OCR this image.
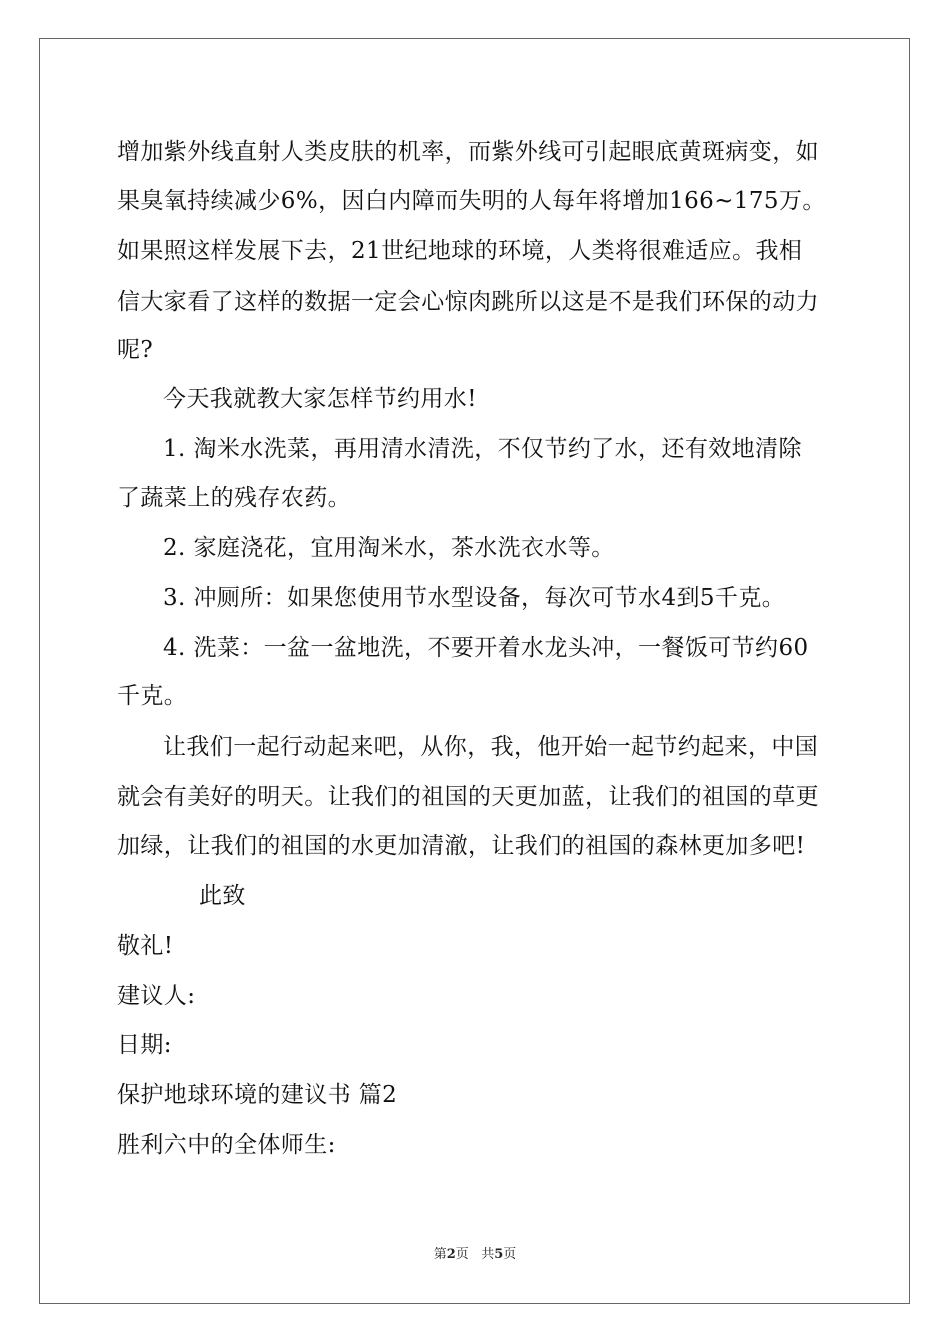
增加紫外线直射人类皮肤的机率，而紫外线可引起眼底黄斑病变，如
果臭氧持续减少6%，因白内障而失明的人每年将增加166~175万。
如果照这样发展下去，21世纪地球的环境，人类将很难适应。我相
信大家看了这样的数据一定会心惊肉跳所以这是不是我们环保的动力
呢?
今天我就教大家怎样节约用水!
1. 淘米水洗菜，再用清水清洗，不仅节约了水，还有效地清除
了蔬菜上的残存农药。
2. 家庭浇花，宜用淘米水，茶水洗衣水等。
3. 冲厕所：如果您使用节水型设备，每次可节水4到5千克。
4. 洗菜：一盆一盆地洗，不要开着水龙头冲，一餐饭可节约60
千克。
让我们一起行动起来吧，从你，我，他开始一起节约起来，中国
就会有美好的明天。让我们的祖国的天更加蓝，让我们的祖国的草更
加绿，让我们的祖国的水更加清澈，让我们的祖国的森林更加多吧!
此致
敬礼!
建议人:
日期:
保护地球环境的建议书 篇2
胜利六中的全体师生:
第2页   共5页
